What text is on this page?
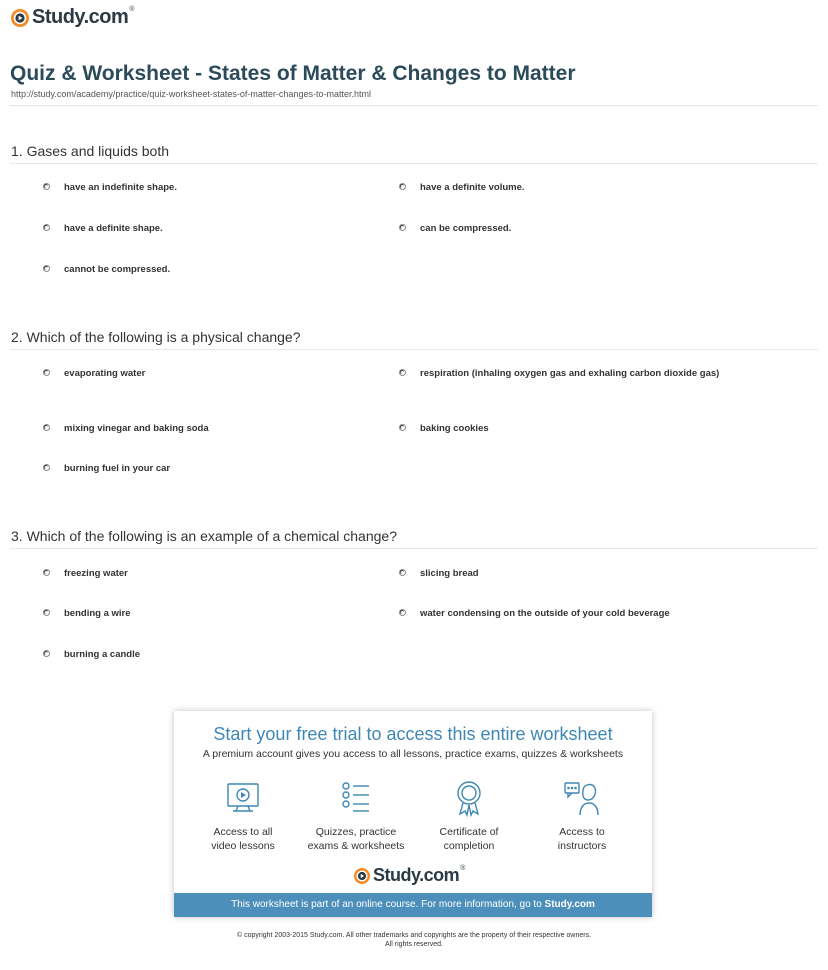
Study.com ®
Quiz & Worksheet - States of Matter & Changes to Matter
http://study.com/academy/practice/quiz-worksheet-states-of-matter-changes-to-matter.html
1. Gases and liquids both
have an indefinite shape.	have a definite volume.
have a definite shape.	can be compressed.
cannot be compressed.
2. Which of the following is a physical change?
evaporating water	respiration (inhaling oxygen gas and exhaling carbon dioxide gas)
mixing vinegar and baking soda	baking cookies
burning fuel in your car
3. Which of the following is an example of a chemical change?
freezing water	slicing bread
bending a wire	water condensing on the outside of your cold beverage
burning a candle
Start your free trial to access this entire worksheet
A premium account gives you access to all lessons, practice exams, quizzes & worksheets
Access to all
video lessons
Quizzes, practice
exams & worksheets
Certificate of
completion
Access to
instructors
Study.com ®
This worksheet is part of an online course. For more information, go to Study.com
© copyright 2003-2015 Study.com. All other trademarks and copyrights are the property of their respective owners.
All rights reserved.
